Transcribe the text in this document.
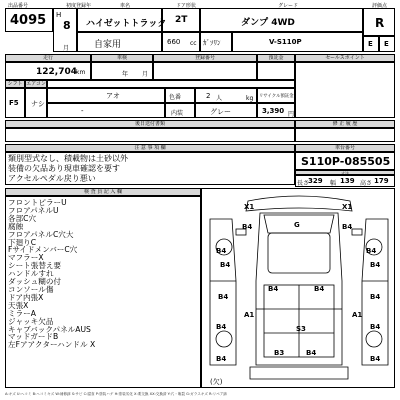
出品番号
4095
初度登録年
H
8
月
車名
ハイゼットトラック
自家用
ドア形状
2T
660 cc ｶﾞｿﾘﾝ
グレード
ダンプ 4WD
V-S110P
評価点
R
E E
走行	車検	登録番号	預託金	セールスポイント
122,704 km	年 月
シフト エアコン
F5 ナシ
アオ	色番	2 人	kg リサイクル預託金
-	内装	グレー	3,390 円
後日送付書類	修 正 履 歴
注 意 事 項 欄
類別型式なし、積載物は土砂以外
装備の欠品あり現車確認を要す
アクセルペダル戻り悪い
車台番号
S110P-085505
寸法
長さ
329 幅 139 高さ 179
検 査 員 記 入 欄
フロントピラーU
フロアパネルU
各部C穴
腐蝕
フロアパネルC穴大
下廻りC
FサイドメンバーC穴
マフラーX
シート張替え要
ハンドルすれ
ダッシュ糊の付
コンソール傷
ドア内張X
天張X
ミラーA
ジャッキ欠品
キャブバックパネルAUS
マッドガードB
左Fアアクターハンドル X
X1	X1
B4	G	B4
B4
B4
B4
B4
B4	B4
B4	B4
A1	A1
B4	S3	B4
B3	B4
B4	B4
(欠)
A:キズ U:ヘコミ B:ヘコミキズ W:補修跡 S:サビ C:腐食 P:塗装ハゲ H:塗装劣化 X:要交換 XX:交換済 Y:穴・亀裂 G:ガラスキズ R:リペア跡
